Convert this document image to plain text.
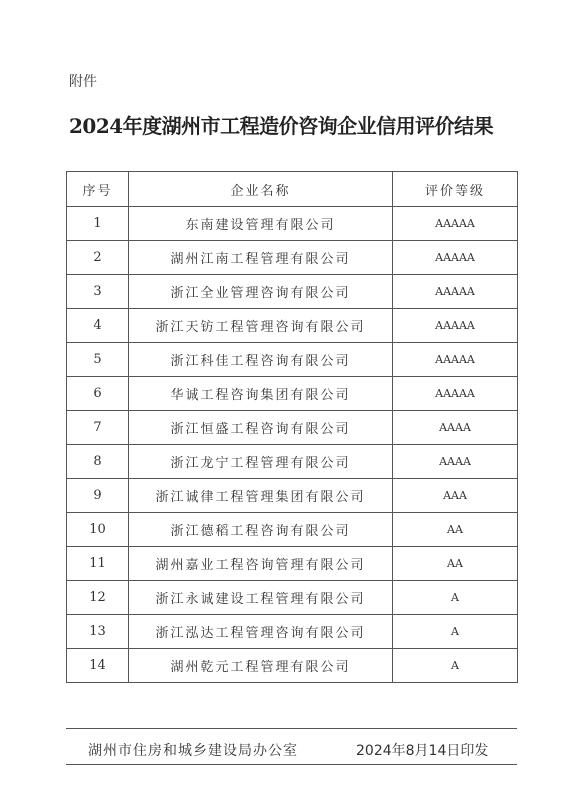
附件
2024年度湖州市工程造价咨询企业信用评价结果
序号	企业名称	评价等级
1	东南建设管理有限公司	AAAAA
2	湖州江南工程管理有限公司	AAAAA
3	浙江全业管理咨询有限公司	AAAAA
4	浙江天钫工程管理咨询有限公司	AAAAA
5	浙江科佳工程咨询有限公司	AAAAA
6	华诚工程咨询集团有限公司	AAAAA
7	浙江恒盛工程咨询有限公司	AAAA
8	浙江龙宁工程管理有限公司	AAAA
9	浙江诚律工程管理集团有限公司	AAA
10	浙江德稻工程咨询有限公司	AA
11	湖州嘉业工程咨询管理有限公司	AA
12	浙江永诚建设工程管理有限公司	A
13	浙江泓达工程管理咨询有限公司	A
14	湖州乾元工程管理有限公司	A
湖州市住房和城乡建设局办公室	2024年8月14日印发
